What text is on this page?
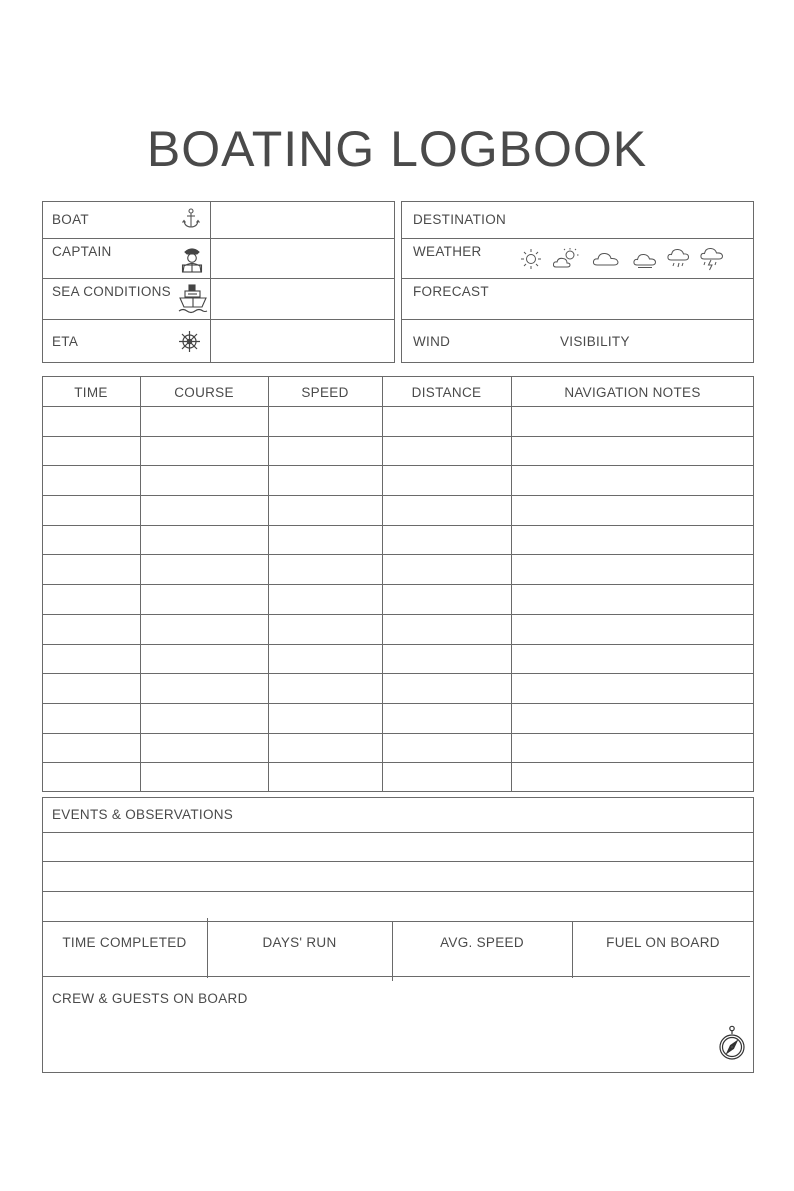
BOATING LOGBOOK
BOAT
CAPTAIN
SEA CONDITIONS
ETA
DESTINATION
WEATHER
FORECAST
WIND	VISIBILITY
TIME	COURSE	SPEED	DISTANCE	NAVIGATION NOTES
EVENTS & OBSERVATIONS
TIME COMPLETED	DAYS' RUN	AVG. SPEED	FUEL ON BOARD
CREW & GUESTS ON BOARD
